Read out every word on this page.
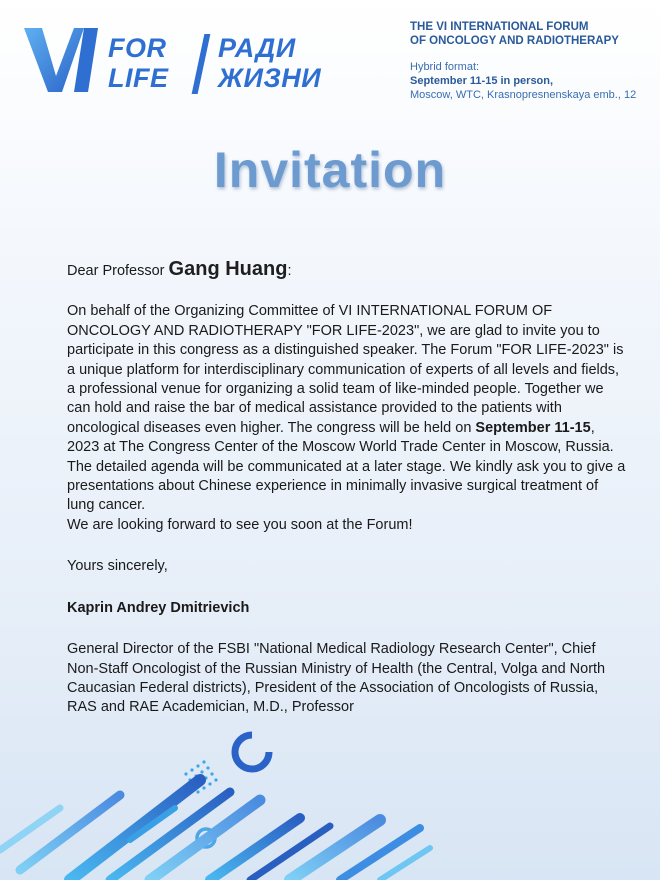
FOR
LIFE
РАДИ
ЖИЗНИ
THE VI INTERNATIONAL FORUM
OF ONCOLOGY AND RADIOTHERAPY
Hybrid format:
September 11-15 in person,
Moscow, WTC, Krasnopresnenskaya emb., 12
Invitation

Dear Professor Gang Huang:

On behalf of the Organizing Committee of VI INTERNATIONAL FORUM OF ONCOLOGY AND RADIOTHERAPY "FOR LIFE-2023", we are glad to invite you to participate in this congress as a distinguished speaker. The Forum "FOR LIFE-2023" is a unique platform for interdisciplinary communication of experts of all levels and fields, a professional venue for organizing a solid team of like-minded people. Together we can hold and raise the bar of medical assistance provided to the patients with oncological diseases even higher. The congress will be held on September 11-15, 2023 at The Congress Center of the Moscow World Trade Center in Moscow, Russia. The detailed agenda will be communicated at a later stage. We kindly ask you to give a presentations about Chinese experience in minimally invasive surgical treatment of lung cancer.

We are looking forward to see you soon at the Forum!

Yours sincerely,

Kaprin Andrey Dmitrievich

General Director of the FSBI "National Medical Radiology Research Center", Chief Non-Staff Oncologist of the Russian Ministry of Health (the Central, Volga and North Caucasian Federal districts), President of the Association of Oncologists of Russia, RAS and RAE Academician, M.D., Professor
